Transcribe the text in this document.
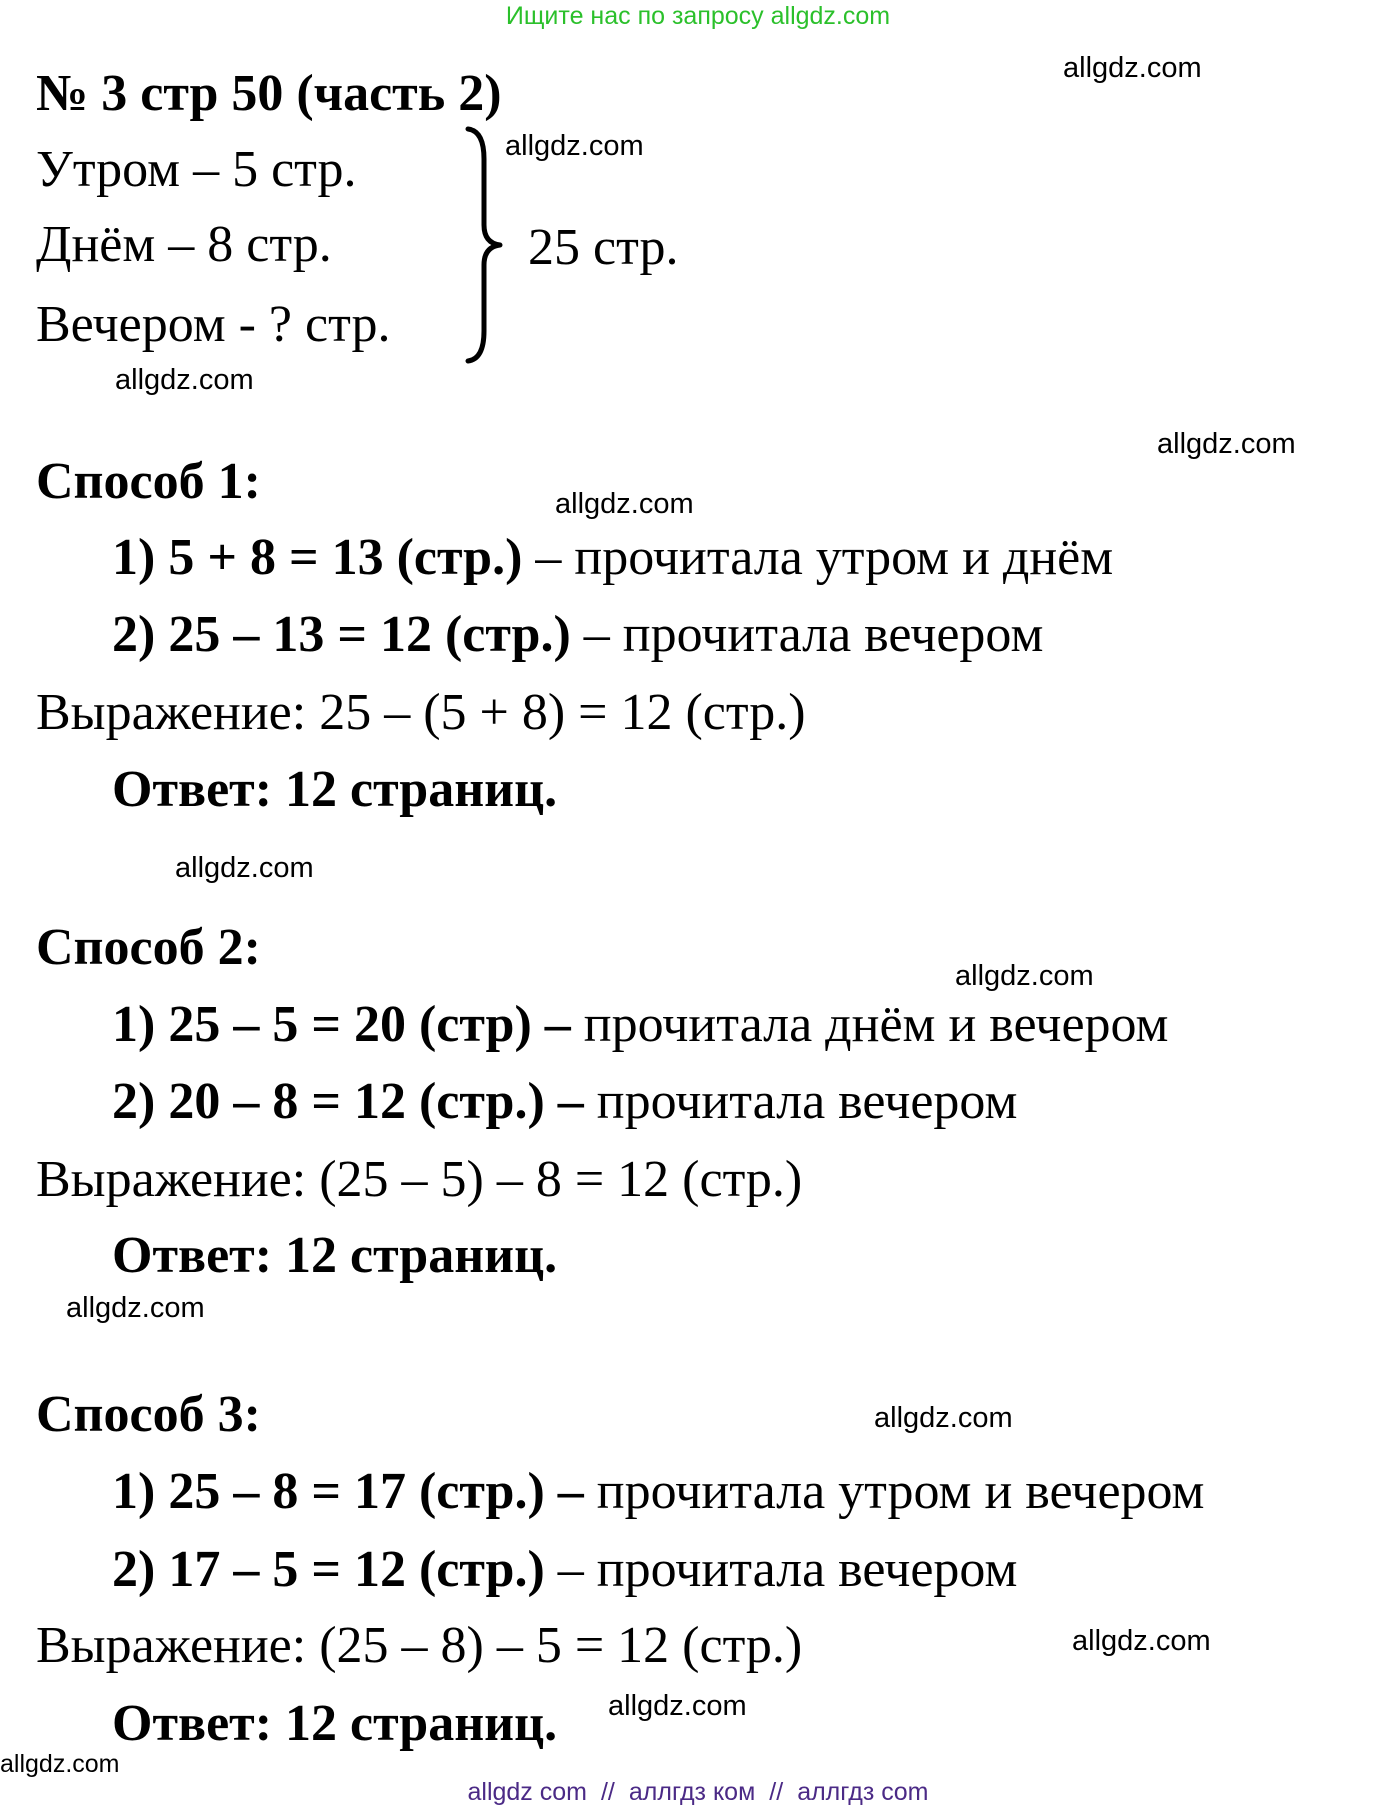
Ищите нас по запросу allgdz.com
№ 3 стр 50 (часть 2)
Утром – 5 стр.
Днём – 8 стр.
Вечером - ? стр.
25 стр.
Способ 1:
1) 5 + 8 = 13 (стр.) – прочитала утром и днём
2) 25 – 13 = 12 (стр.) – прочитала вечером
Выражение: 25 – (5 + 8) = 12 (стр.)
Ответ: 12 страниц.
Способ 2:
1) 25 – 5 = 20 (стр) – прочитала днём и вечером
2) 20 – 8 = 12 (стр.) – прочитала вечером
Выражение: (25 – 5) – 8 = 12 (стр.)
Ответ: 12 страниц.
Способ 3:
1) 25 – 8 = 17 (стр.) – прочитала утром и вечером
2) 17 – 5 = 12 (стр.) – прочитала вечером
Выражение: (25 – 8) – 5 = 12 (стр.)
Ответ: 12 страниц.
allgdz.com
allgdz.com
allgdz.com
allgdz.com
allgdz.com
allgdz.com
allgdz.com
allgdz.com
allgdz.com
allgdz.com
allgdz.com
allgdz.com
allgdz com // аллгдз ком // аллгдз com
